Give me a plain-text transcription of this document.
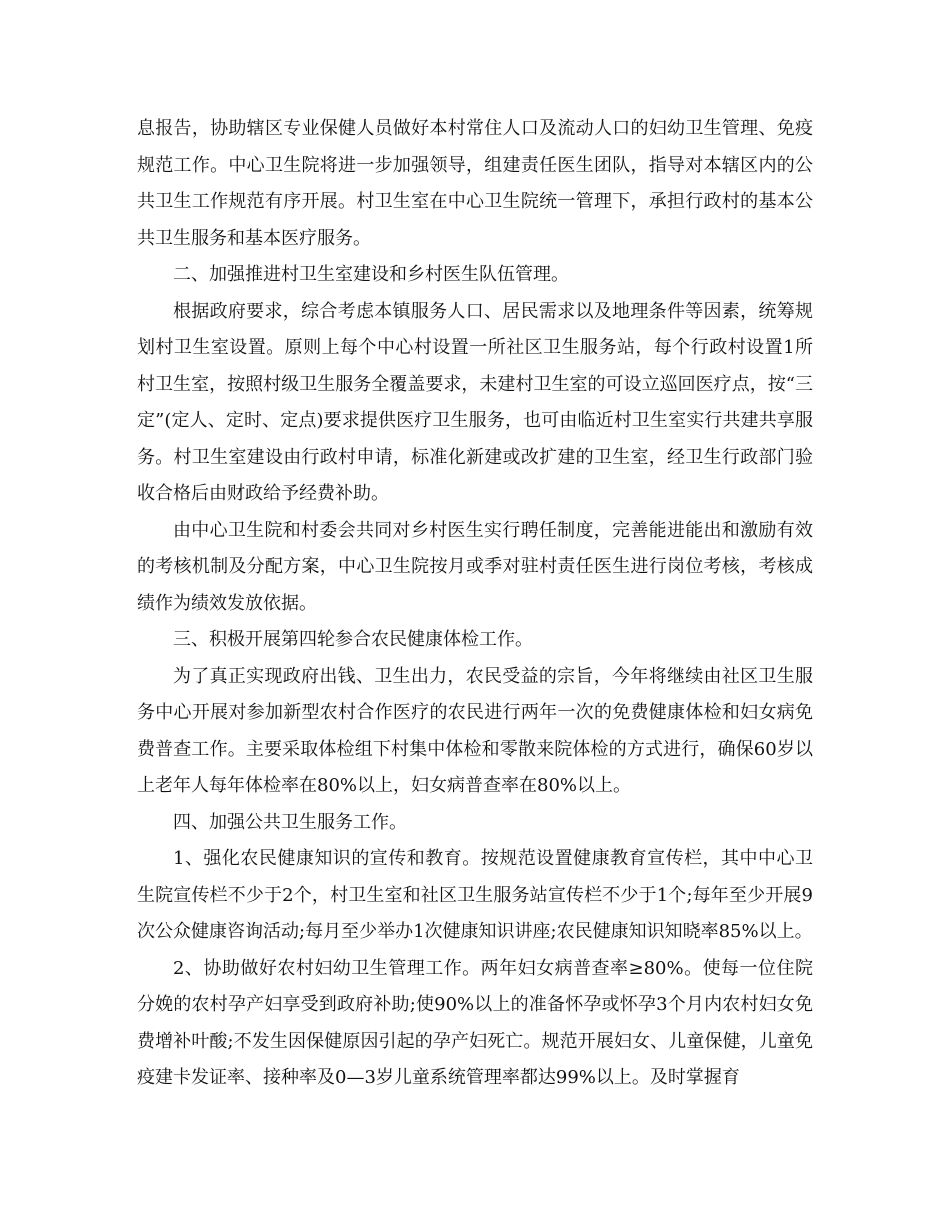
息报告，协助辖区专业保健人员做好本村常住人口及流动人口的妇幼卫生管理、免疫规范工作。中心卫生院将进一步加强领导，组建责任医生团队，指导对本辖区内的公共卫生工作规范有序开展。村卫生室在中心卫生院统一管理下，承担行政村的基本公共卫生服务和基本医疗服务。

二、加强推进村卫生室建设和乡村医生队伍管理。

根据政府要求，综合考虑本镇服务人口、居民需求以及地理条件等因素，统筹规划村卫生室设置。原则上每个中心村设置一所社区卫生服务站，每个行政村设置1所村卫生室，按照村级卫生服务全覆盖要求，未建村卫生室的可设立巡回医疗点，按“三定”(定人、定时、定点)要求提供医疗卫生服务，也可由临近村卫生室实行共建共享服务。村卫生室建设由行政村申请，标准化新建或改扩建的卫生室，经卫生行政部门验收合格后由财政给予经费补助。

由中心卫生院和村委会共同对乡村医生实行聘任制度，完善能进能出和激励有效的考核机制及分配方案，中心卫生院按月或季对驻村责任医生进行岗位考核，考核成绩作为绩效发放依据。

三、积极开展第四轮参合农民健康体检工作。

为了真正实现政府出钱、卫生出力，农民受益的宗旨，今年将继续由社区卫生服务中心开展对参加新型农村合作医疗的农民进行两年一次的免费健康体检和妇女病免费普查工作。主要采取体检组下村集中体检和零散来院体检的方式进行，确保60岁以上老年人每年体检率在80%以上，妇女病普查率在80%以上。

四、加强公共卫生服务工作。

1、强化农民健康知识的宣传和教育。按规范设置健康教育宣传栏，其中中心卫生院宣传栏不少于2个，村卫生室和社区卫生服务站宣传栏不少于1个;每年至少开展9次公众健康咨询活动;每月至少举办1次健康知识讲座;农民健康知识知晓率85%以上。

2、协助做好农村妇幼卫生管理工作。两年妇女病普查率≥80%。使每一位住院分娩的农村孕产妇享受到政府补助;使90%以上的准备怀孕或怀孕3个月内农村妇女免费增补叶酸;不发生因保健原因引起的孕产妇死亡。规范开展妇女、儿童保健，儿童免疫建卡发证率、接种率及0—3岁儿童系统管理率都达99%以上。及时掌握育
